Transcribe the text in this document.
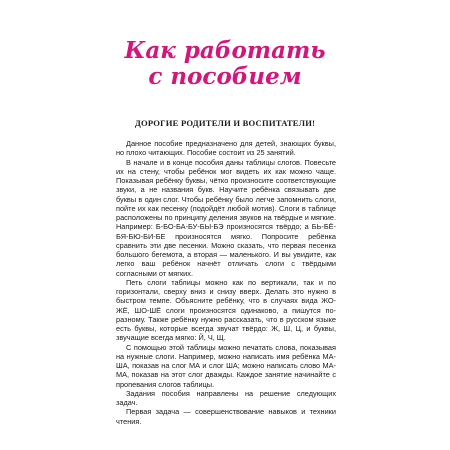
Как работать
с пособием
ДОРОГИЕ РОДИТЕЛИ И ВОСПИТАТЕЛИ!

Данное пособие предназначено для детей, знающих буквы, но плохо читающих. Пособие состоит из 25 занятий.

В начале и в конце пособия даны таблицы слогов. Повесьте их на стену, чтобы ребёнок мог видеть их как можно чаще. Показывая ребёнку буквы, чётко произносите соответствующие звуки, а не названия букв. Научите ребёнка связывать две буквы в один слог. Чтобы ребёнку было легче запомнить слоги, пойте их как песенку (подойдёт любой мотив). Слоги в таблице расположены по принципу деления звуков на твёрдые и мягкие. Например: Б-БО-БА-БУ-БЫ-БЭ произносятся твёрдо; а БЬ-БЁ-БЯ-БЮ-БИ-БЕ произносятся мягко. Попросите ребёнка сравнить эти две песенки. Можно сказать, что первая песенка большого бегемота, а вторая — маленького. И вы увидите, как легко ваш ребёнок начнёт отличать слоги с твёрдыми согласными от мягких.

Петь слоги таблицы можно как по вертикали, так и по горизонтали, сверху вниз и снизу вверх. Делать это нужно в быстром темпе. Объясните ребёнку, что в случаях вида ЖО-ЖЁ, ШО-ШЁ слоги произносятся одинаково, а пишутся по-разному. Также ребёнку нужно рассказать, что в русском языке есть буквы, которые всегда звучат твёрдо: Ж, Ш, Ц, и буквы, звучащие всегда мягко: Й, Ч, Щ.

С помощью этой таблицы можно печатать слова, показывая на нужные слоги. Например, можно написать имя ребёнка МА-ША, показав на слог МА и слог ША; можно написать слово МА-МА, показав на этот слог дважды. Каждое занятие начинайте с пропевания слогов таблицы.

Задания пособия направлены на решение следующих задач.

Первая задача — совершенствование навыков и техники чтения.
